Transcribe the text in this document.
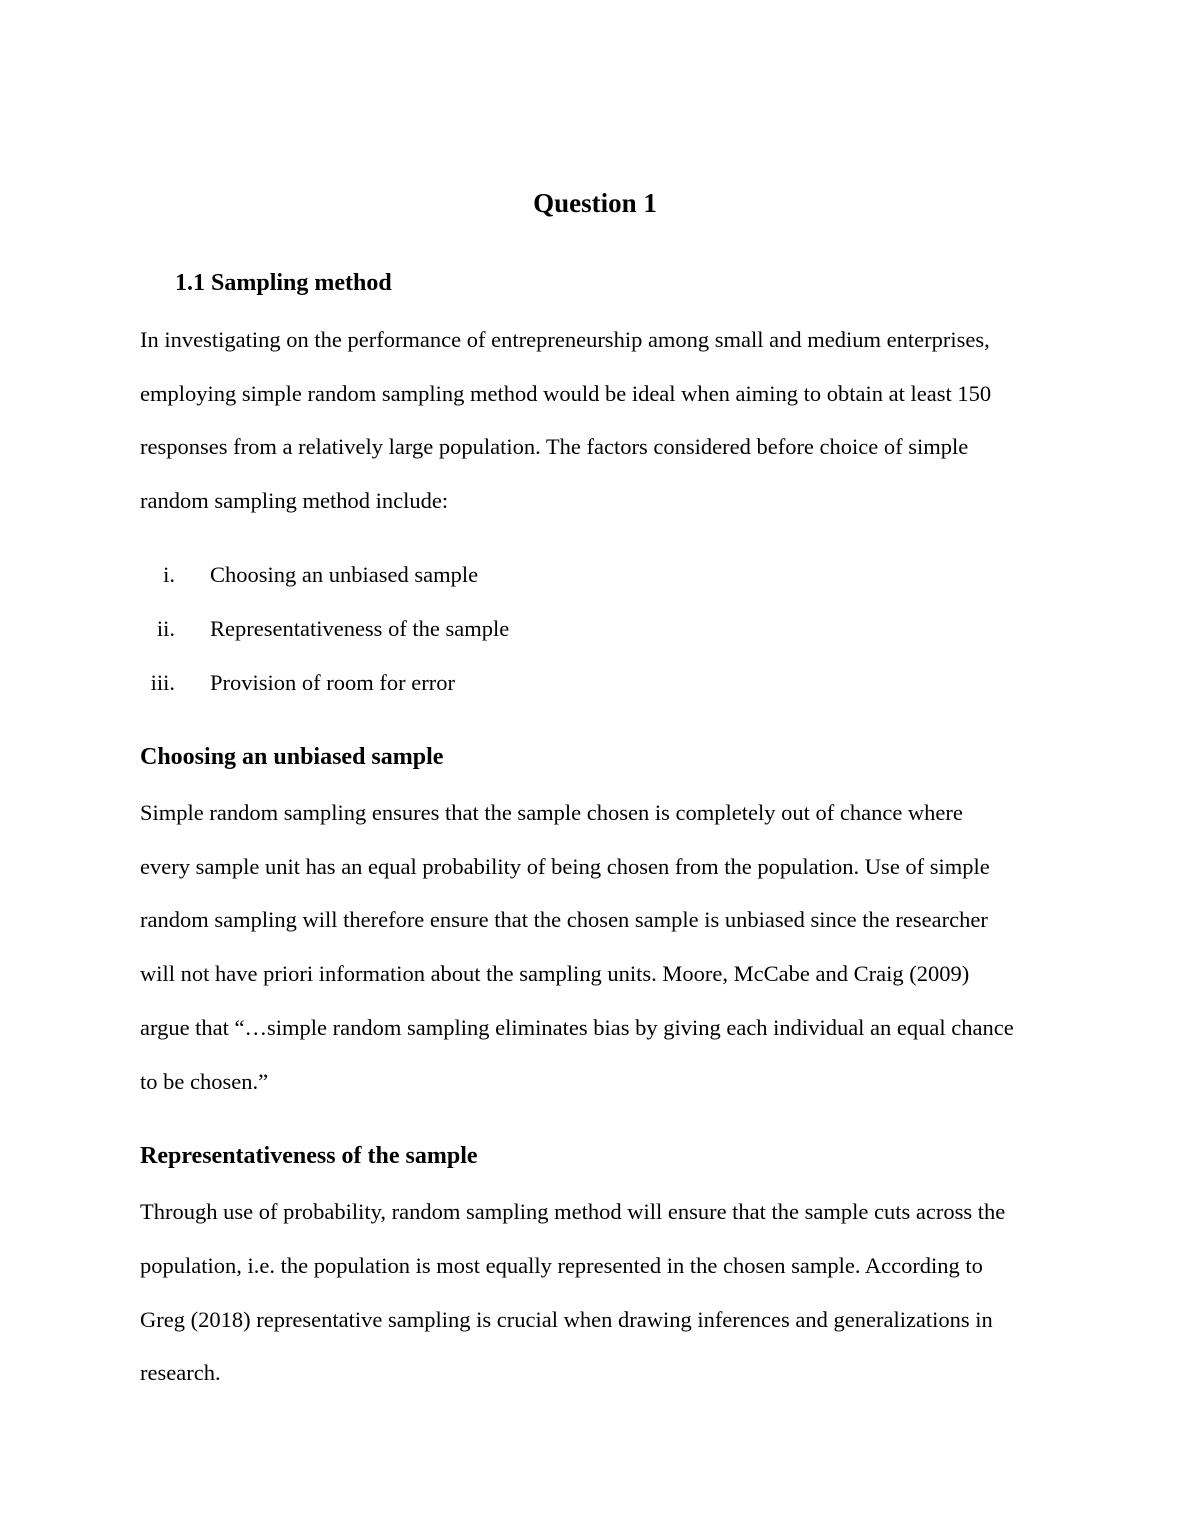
Question 1
1.1 Sampling method

In investigating on the performance of entrepreneurship among small and medium enterprises,

employing simple random sampling method would be ideal when aiming to obtain at least 150

responses from a relatively large population. The factors considered before choice of simple

random sampling method include:

i. Choosing an unbiased sample
ii. Representativeness of the sample
iii. Provision of room for error
Choosing an unbiased sample

Simple random sampling ensures that the sample chosen is completely out of chance where

every sample unit has an equal probability of being chosen from the population. Use of simple

random sampling will therefore ensure that the chosen sample is unbiased since the researcher

will not have priori information about the sampling units. Moore, McCabe and Craig (2009)

argue that “…simple random sampling eliminates bias by giving each individual an equal chance

to be chosen.”

Representativeness of the sample

Through use of probability, random sampling method will ensure that the sample cuts across the

population, i.e. the population is most equally represented in the chosen sample. According to

Greg (2018) representative sampling is crucial when drawing inferences and generalizations in

research.
